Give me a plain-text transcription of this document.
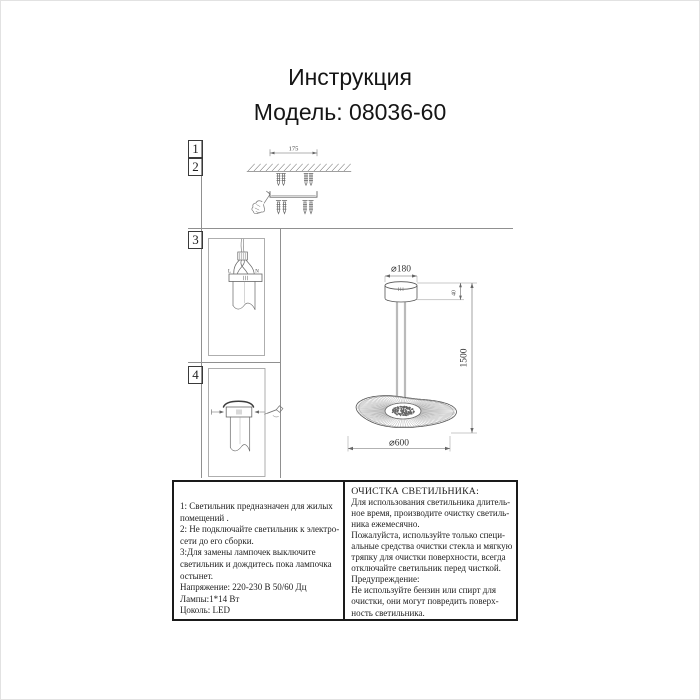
Инструкция
Модель: 08036-60
1
2
3
4
175
L	N	⌀180
40
1500
⌀600
1: Светильник предназначен для жилых
помещений .
2: Не подключайте светильник к электро-
сети до его сборки.
3:Для замены лампочек выключите
светильник и дождитесь пока лампочка
остынет.
Напряжение: 220-230 В 50/60 Дц
Лампы:1*14 Вт
Цоколь: LED
ОЧИСТКА СВЕТИЛЬНИКА:
Для использования светильника длитель-
ное время, производите очистку светиль-
ника ежемесячно.
Пожалуйста, используйте только специ-
альные средства очистки стекла и мягкую
тряпку для очистки поверхности, всегда
отключайте светильник перед чисткой.
Предупреждение:
Не используйте бензин или спирт для
очистки, они могут повредить поверх-
ность светильника.
